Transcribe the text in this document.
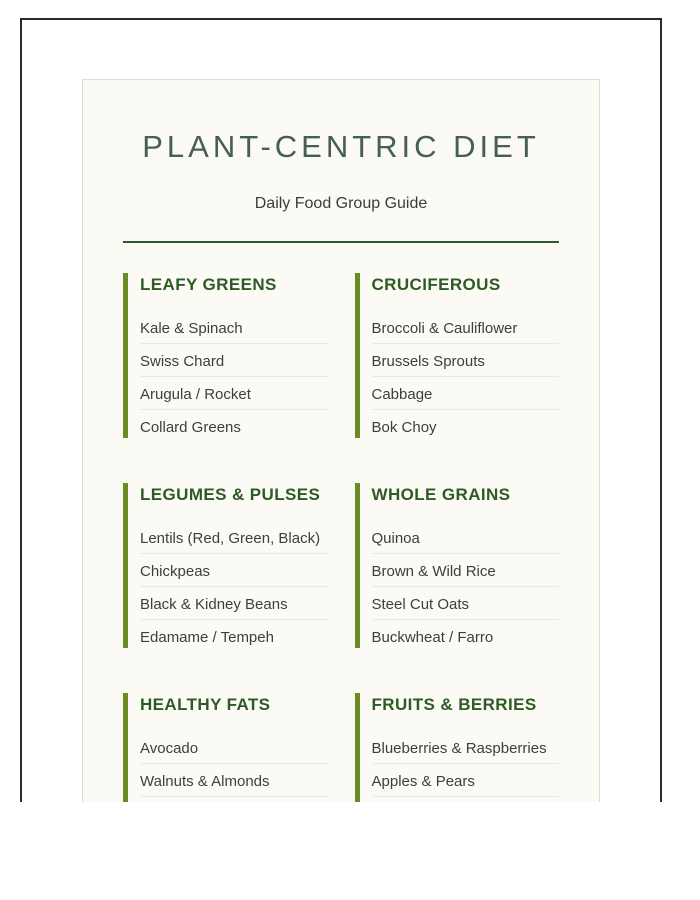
PLANT-CENTRIC DIET

Daily Food Group Guide

LEAFY GREENS
Kale & Spinach
Swiss Chard
Arugula / Rocket
Collard Greens
CRUCIFEROUS
Broccoli & Cauliflower
Brussels Sprouts
Cabbage
Bok Choy
LEGUMES & PULSES
Lentils (Red, Green, Black)
Chickpeas
Black & Kidney Beans
Edamame / Tempeh
WHOLE GRAINS
Quinoa
Brown & Wild Rice
Steel Cut Oats
Buckwheat / Farro
HEALTHY FATS
Avocado
Walnuts & Almonds
FRUITS & BERRIES
Blueberries & Raspberries
Apples & Pears
